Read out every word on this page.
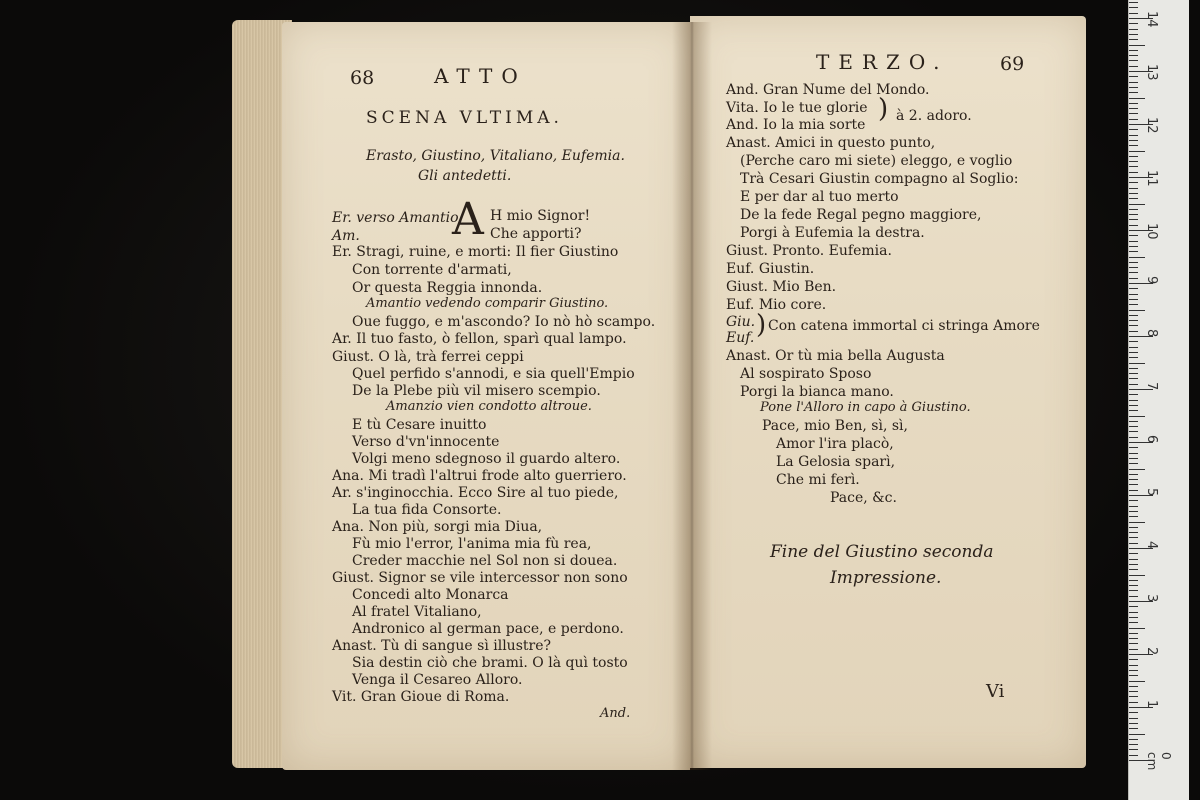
68	ATTO
SCENA VLTIMA.
Erasto, Giustino, Vitaliano, Eufemia.
Gli antedetti.
A
Er. verso Amantio. H mio Signor!
Am.	Che apporti?
Er. Stragi, ruine, e morti: Il fier Giustino
Con torrente d'armati,
Or questa Reggia innonda.
Amantio vedendo comparir Giustino.
Oue fuggo, e m'ascondo? Io nò hò scampo.
Ar. Il tuo fasto, ò fellon, sparì qual lampo.
Giust. O là, trà ferrei ceppi
Quel perfido s'annodi, e sia quell'Empio
De la Plebe più vil misero scempio.
Amanzio vien condotto altroue.
E tù Cesare inuitto
Verso d'vn'innocente
Volgi meno sdegnoso il guardo altero.
Ana. Mi tradì l'altrui frode alto guerriero.
Ar. s'inginocchia. Ecco Sire al tuo piede,
La tua fida Consorte.
Ana. Non più, sorgi mia Diua,
Fù mio l'error, l'anima mia fù rea,
Creder macchie nel Sol non si douea.
Giust. Signor se vile intercessor non sono
Concedi alto Monarca
Al fratel Vitaliano,
Andronico al german pace, e perdono.
Anast. Tù di sangue sì illustre?
Sia destin ciò che brami. O là quì tosto
Venga il Cesareo Alloro.
Vit. Gran Gioue di Roma.
And.
TERZO.	69
And. Gran Nume del Mondo.
Vita. Io le tue glorie
And. Io la mia sorte
) à 2. adoro.
Anast. Amici in questo punto,
(Perche caro mi siete) eleggo, e voglio
Trà Cesari Giustin compagno al Soglio:
E per dar al tuo merto
De la fede Regal pegno maggiore,
Porgi à Eufemia la destra.
Giust. Pronto. Eufemia.
Euf. Giustin.
Giust. Mio Ben.
Euf. Mio core.
Giu.
Euf. ) Con catena immortal ci stringa Amore
Anast. Or tù mia bella Augusta
Al sospirato Sposo
Porgi la bianca mano.
Pone l'Alloro in capo à Giustino.
Pace, mio Ben, sì, sì,
Amor l'ira placò,
La Gelosia sparì,
Che mi ferì.
Pace, &c.
Fine del Giustino seconda
Impressione.
Vi
0 cm
1
2
3
4
5
6
7
8
9
10
11
12
13
14
